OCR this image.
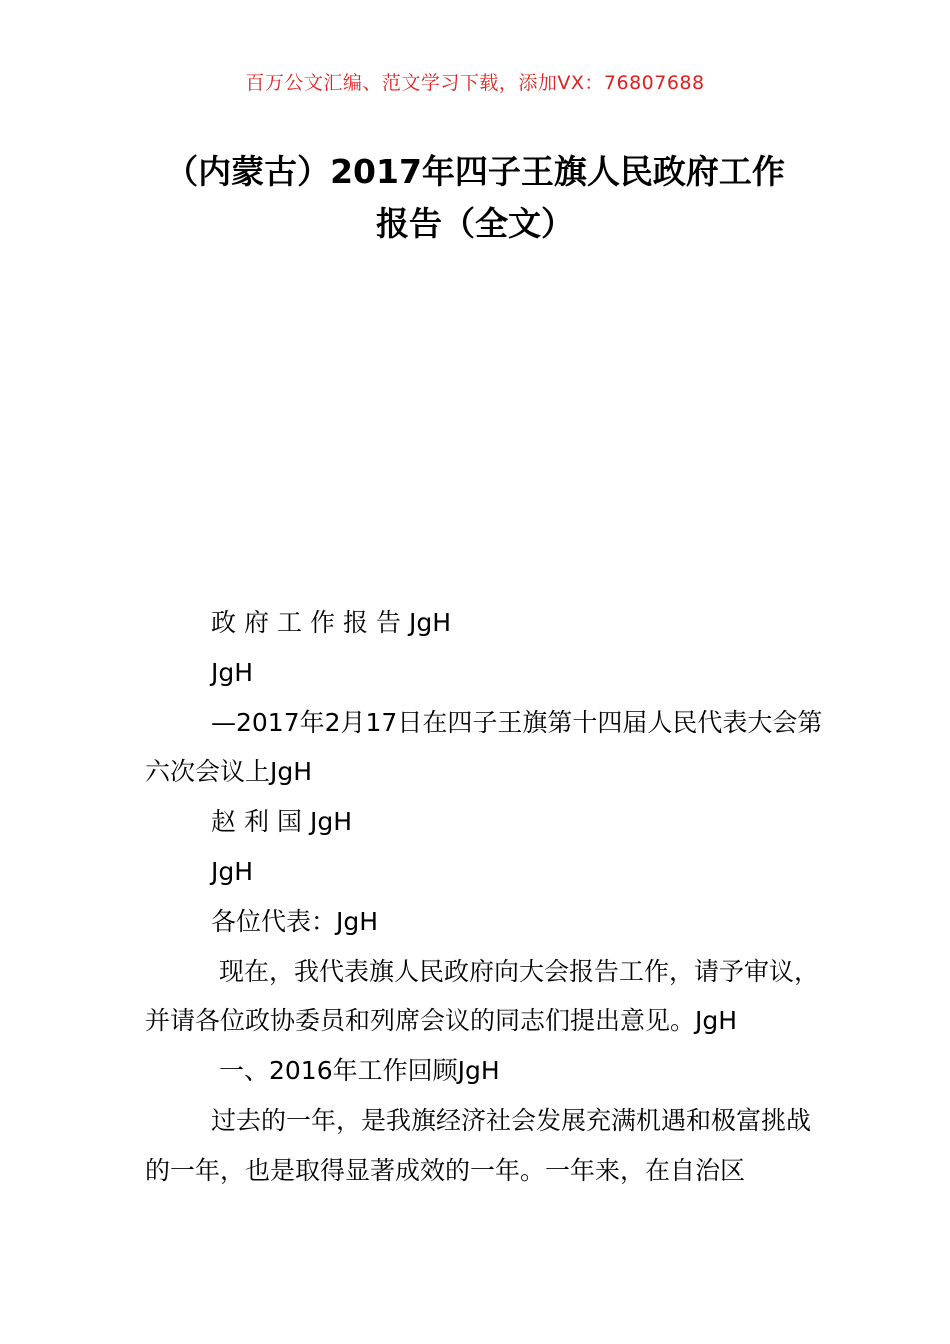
百万公文汇编、范文学习下载，添加VX：76807688
（内蒙古）2017年四子王旗人民政府工作
报告（全文）

政府工作报告JgH

JgH

—2017年2月17日在四子王旗第十四届人民代表大会第六次会议上JgH

赵利国JgH

JgH

各位代表：JgH

现在，我代表旗人民政府向大会报告工作，请予审议，并请各位政协委员和列席会议的同志们提出意见。JgH

一、2016年工作回顾JgH

过去的一年，是我旗经济社会发展充满机遇和极富挑战的一年，也是取得显著成效的一年。一年来，在自治区
